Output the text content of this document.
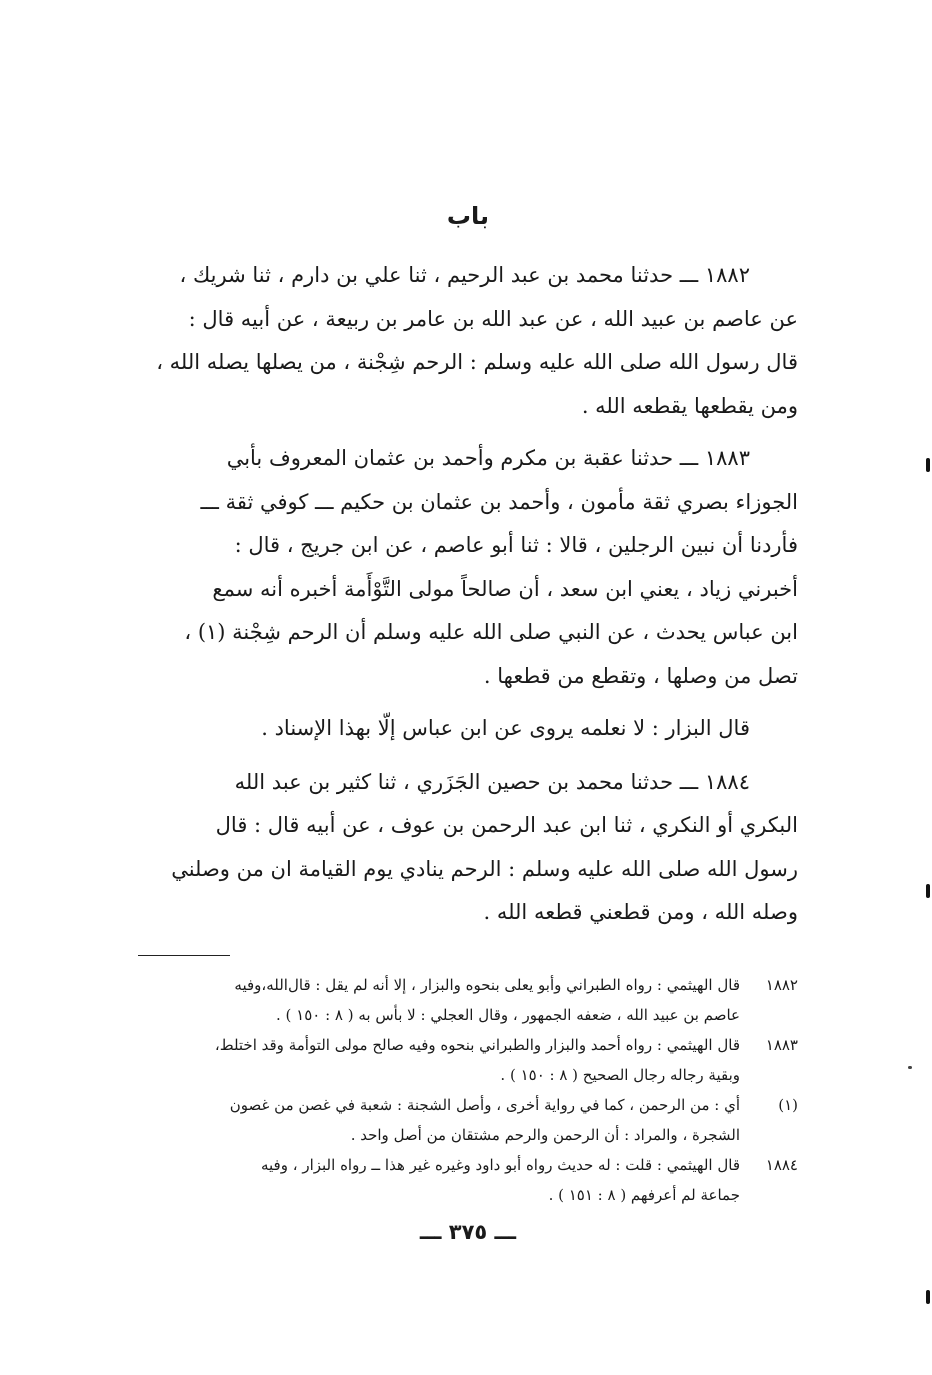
باب
١٨٨٢ ـــ حدثنا محمد بن عبد الرحيم ، ثنا علي بن دارم ، ثنا شريك ،
عن عاصم بن عبيد الله ، عن عبد الله بن عامر بن ربيعة ، عن أبيه قال :
قال رسول الله صلى الله عليه وسلم : الرحم شِجْنة ، من يصلها يصله الله ،
ومن يقطعها يقطعه الله .
١٨٨٣ ـــ حدثنا عقبة بن مكرم وأحمد بن عثمان المعروف بأبي
الجوزاء بصري ثقة مأمون ، وأحمد بن عثمان بن حكيم ـــ كوفي ثقة ـــ
فأردنا أن نبين الرجلين ، قالا : ثنا أبو عاصم ، عن ابن جريج ، قال :
أخبرني زياد ، يعني ابن سعد ، أن صالحاً مولى التَّوْأَمة أخبره أنه سمع
ابن عباس يحدث ، عن النبي صلى الله عليه وسلم أن الرحم شِجْنة (١) ،
تصل من وصلها ، وتقطع من قطعها .
قال البزار : لا نعلمه يروى عن ابن عباس إلّا بهذا الإسناد .
١٨٨٤ ـــ حدثنا محمد بن حصين الجَزَري ، ثنا كثير بن عبد الله
البكري أو النكري ، ثنا ابن عبد الرحمن بن عوف ، عن أبيه قال : قال
رسول الله صلى الله عليه وسلم : الرحم ينادي يوم القيامة ان من وصلني
وصله الله ، ومن قطعني قطعه الله .
١٨٨٢
قال الهيثمي : رواه الطبراني وأبو يعلى بنحوه والبزار ، إلا أنه لم يقل : قال‌الله،وفيه
عاصم بن عبيد الله ، ضعفه الجمهور ، وقال العجلي : لا بأس به ( ٨ : ١٥٠ ) .
١٨٨٣
قال الهيثمي : رواه أحمد والبزار والطبراني بنحوه وفيه صالح مولى التوأمة وقد اختلط،
وبقية رجاله رجال الصحيح ( ٨ : ١٥٠ ) .
(١)
أي : من الرحمن ، كما في رواية أخرى ، وأصل الشجنة : شعبة في غصن من غصون
الشجرة ، والمراد : أن الرحمن والرحم مشتقان من أصل واحد .
١٨٨٤
قال الهيثمي : قلت : له حديث رواه أبو داود وغيره غير هذا ــ رواه البزار ، وفيه
جماعة لم أعرفهم ( ٨ : ١٥١ ) .
ـــ ٣٧٥ ـــ
